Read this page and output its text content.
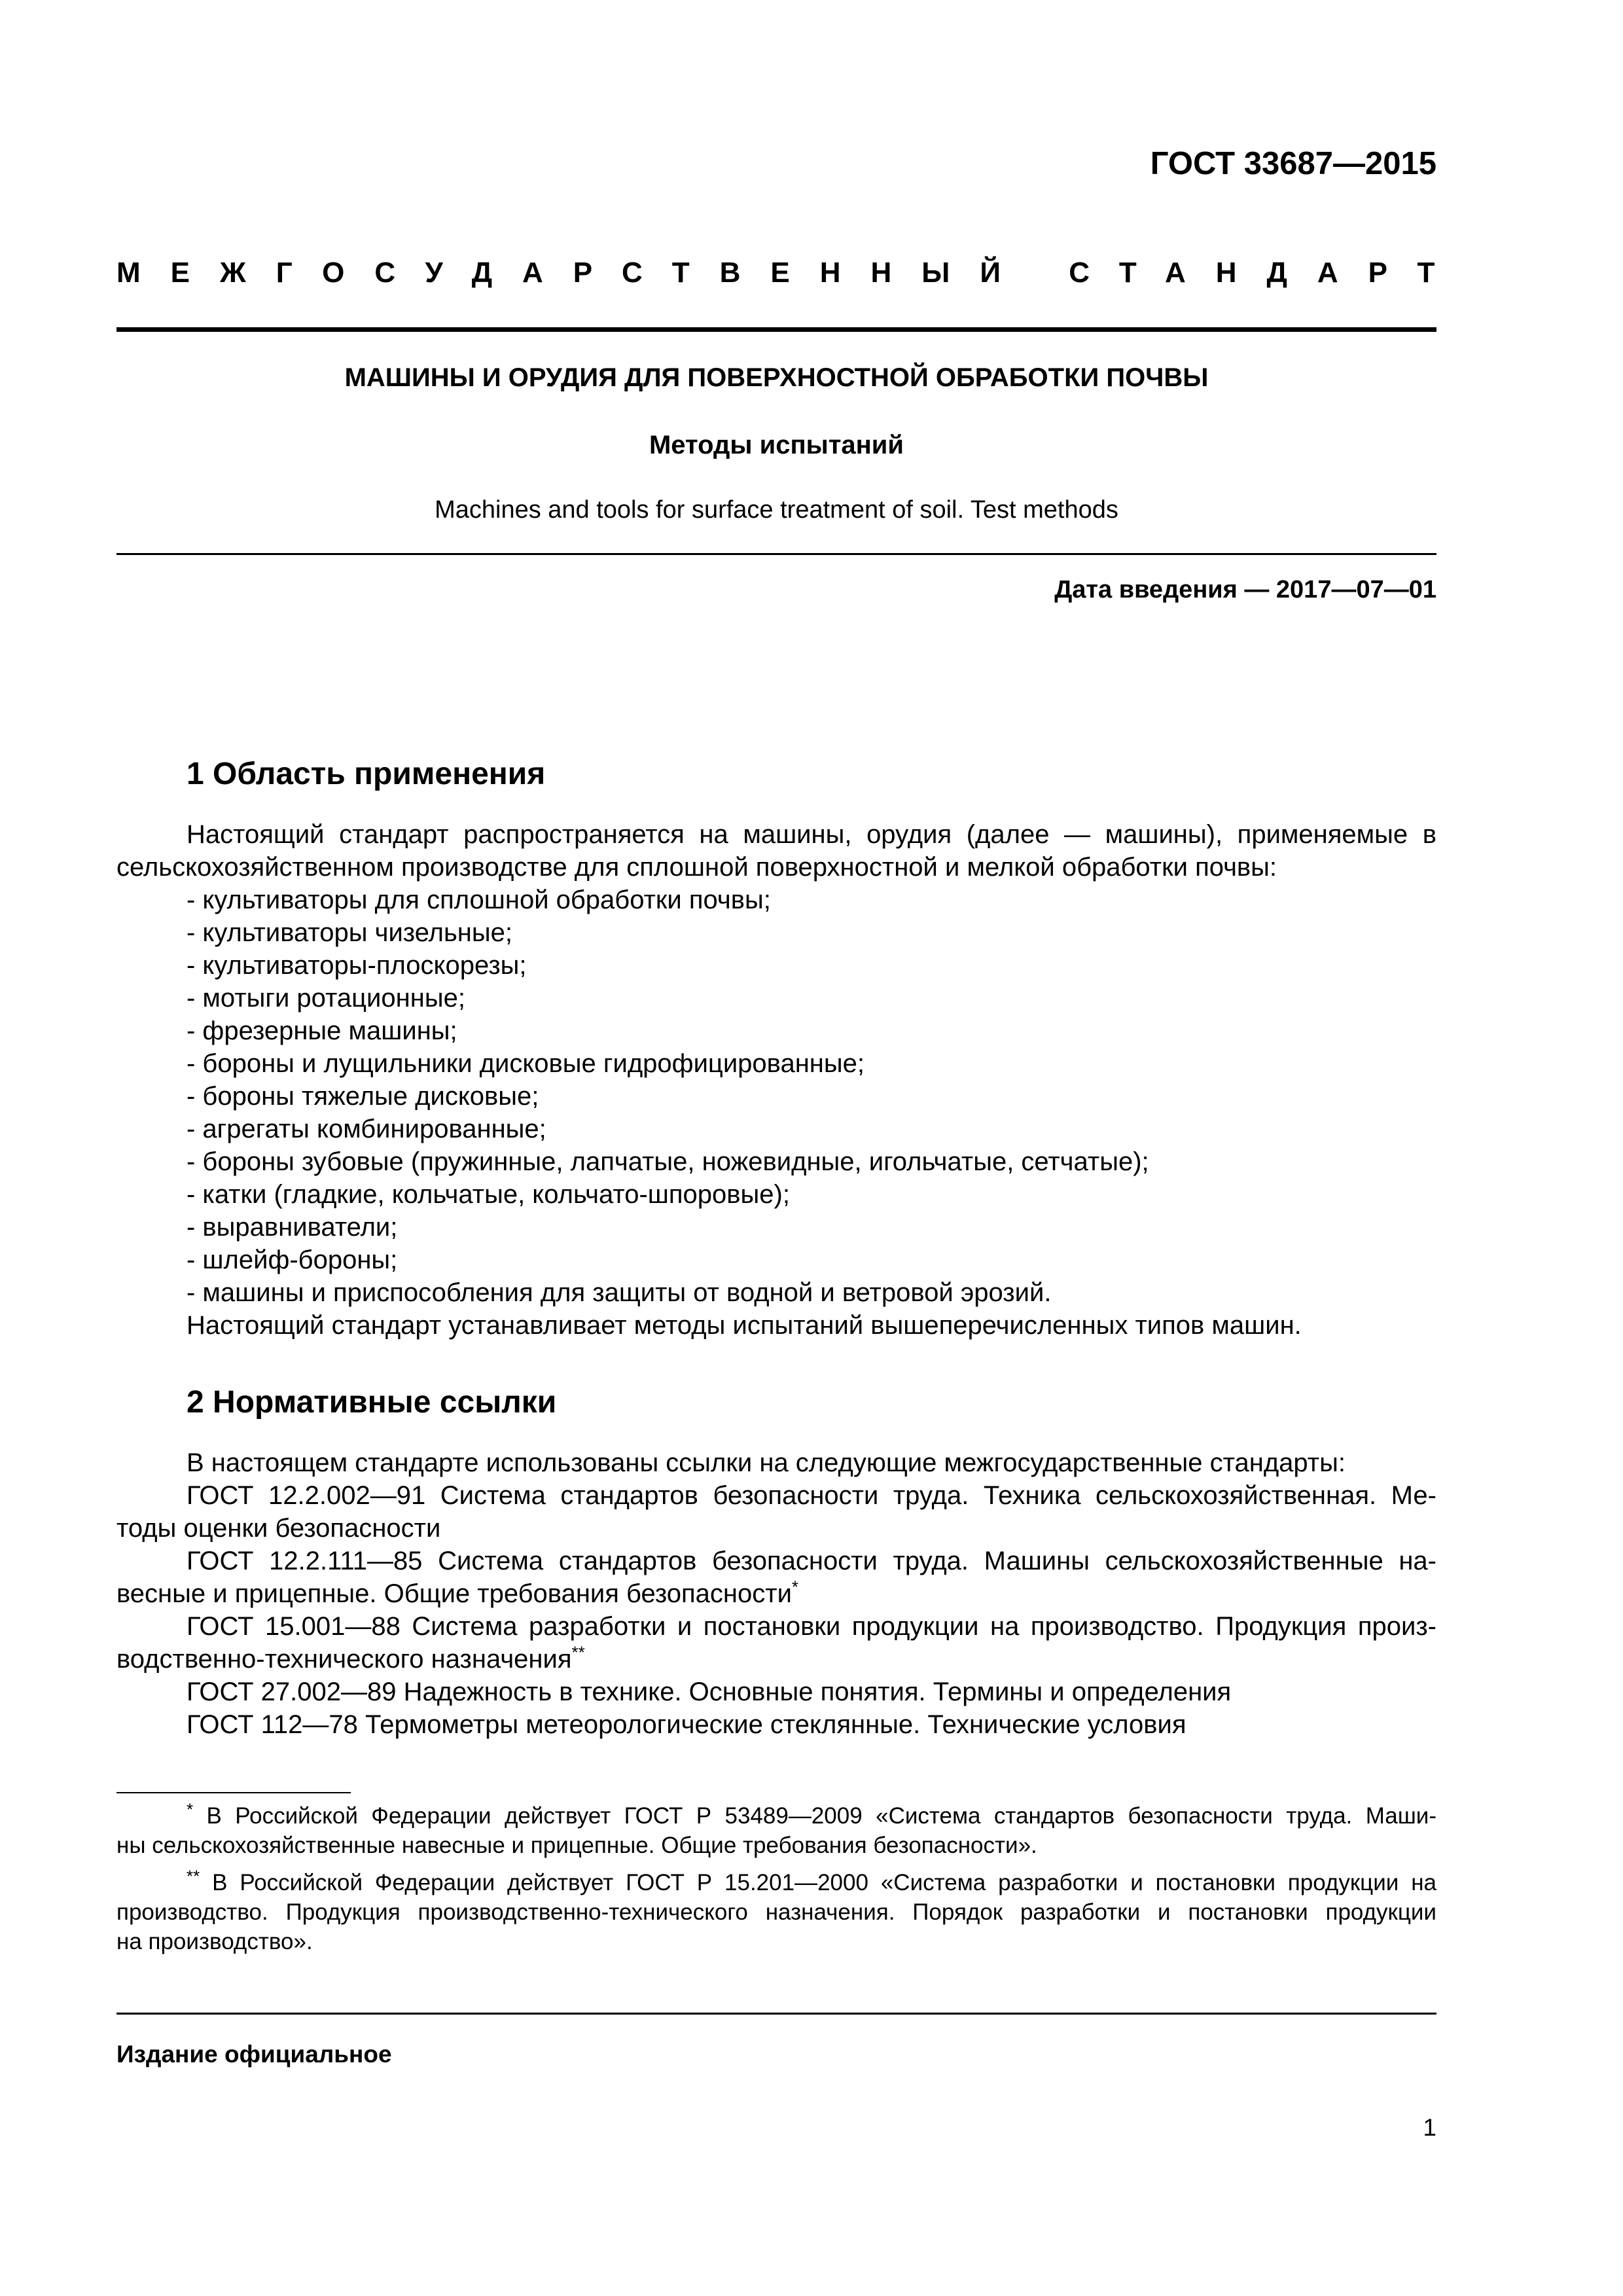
ГОСТ 33687—2015
МЕЖГОСУДАРСТВЕННЫЙ СТАНДАРТ
МАШИНЫ И ОРУДИЯ ДЛЯ ПОВЕРХНОСТНОЙ ОБРАБОТКИ ПОЧВЫ
Методы испытаний
Machines and tools for surface treatment of soil. Test methods
Дата введения — 2017—07—01
1 Область применения

Настоящий стандарт распространяется на машины, орудия (далее — машины), применяемые в

сельскохозяйственном производстве для сплошной поверхностной и мелкой обработки почвы:

- культиваторы для сплошной обработки почвы;

- культиваторы чизельные;

- культиваторы-плоскорезы;

- мотыги ротационные;

- фрезерные машины;

- бороны и лущильники дисковые гидрофицированные;

- бороны тяжелые дисковые;

- агрегаты комбинированные;

- бороны зубовые (пружинные, лапчатые, ножевидные, игольчатые, сетчатые);

- катки (гладкие, кольчатые, кольчато-шпоровые);

- выравниватели;

- шлейф-бороны;

- машины и приспособления для защиты от водной и ветровой эрозий.

Настоящий стандарт устанавливает методы испытаний вышеперечисленных типов машин.

2 Нормативные ссылки

В настоящем стандарте использованы ссылки на следующие межгосударственные стандарты:

ГОСТ 12.2.002—91 Система стандартов безопасности труда. Техника сельскохозяйственная. Ме-

тоды оценки безопасности

ГОСТ 12.2.111—85 Система стандартов безопасности труда. Машины сельскохозяйственные на-

весные и прицепные. Общие требования безопасности*

ГОСТ 15.001—88 Система разработки и постановки продукции на производство. Продукция произ-

водственно-технического назначения**

ГОСТ 27.002—89 Надежность в технике. Основные понятия. Термины и определения

ГОСТ 112—78 Термометры метеорологические стеклянные. Технические условия

* В Российской Федерации действует ГОСТ Р 53489—2009 «Система стандартов безопасности труда. Маши-

ны сельскохозяйственные навесные и прицепные. Общие требования безопасности».

** В Российской Федерации действует ГОСТ Р 15.201—2000 «Система разработки и постановки продукции на

производство. Продукция производственно-технического назначения. Порядок разработки и постановки продукции

на производство».

Издание официальное
1
